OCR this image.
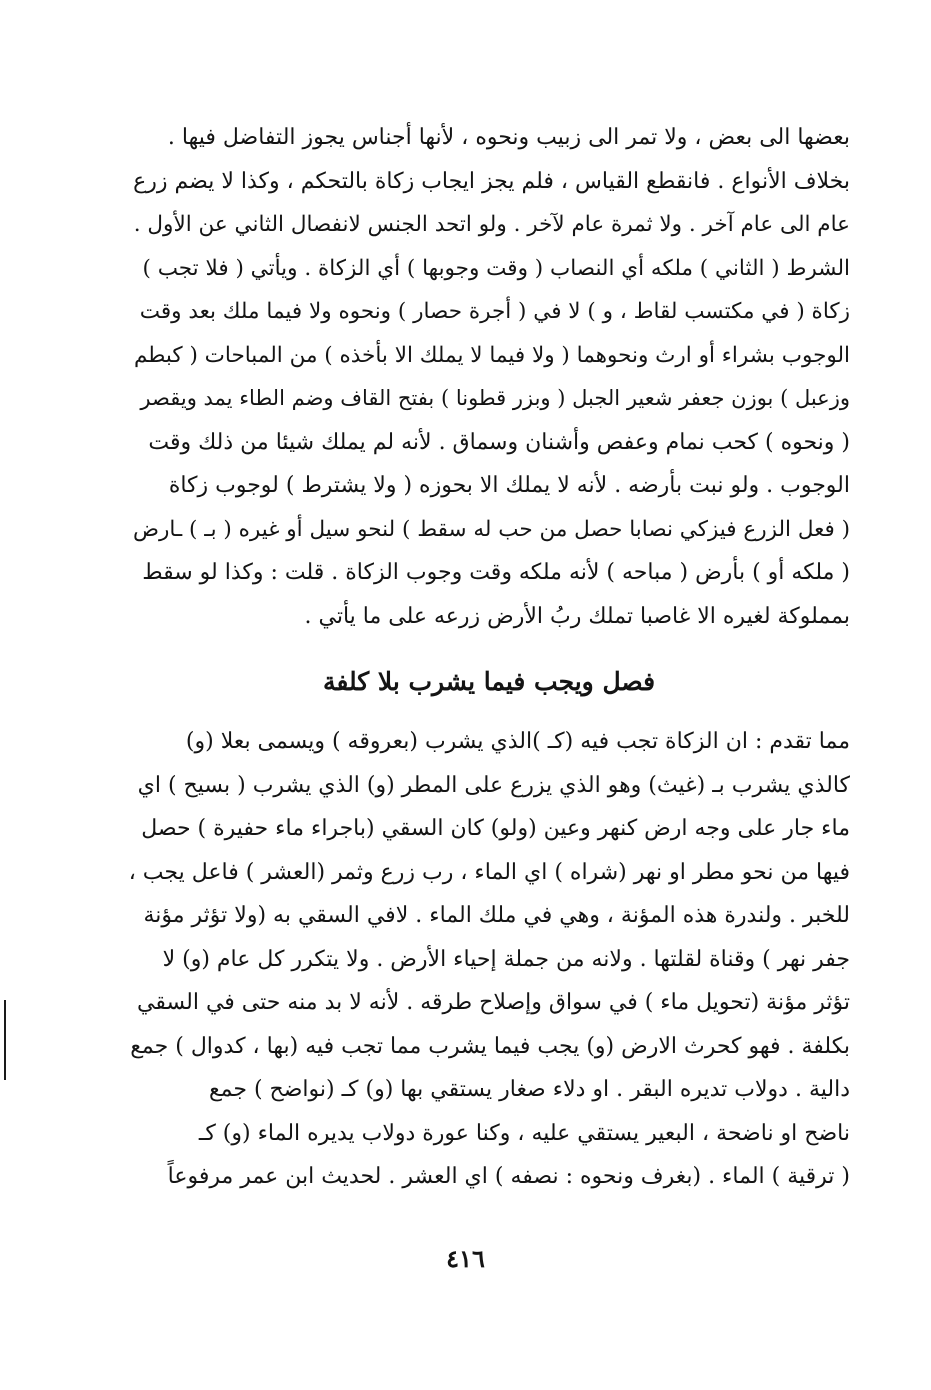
بعضها الى بعض ، ولا تمر الى زبيب ونحوه ، لأنها أجناس يجوز التفاضل فيها .
بخلاف الأنواع . فانقطع القياس ، فلم يجز ايجاب زكاة بالتحكم ، وكذا لا يضم زرع
عام الى عام آخر . ولا ثمرة عام لآخر . ولو اتحد الجنس لانفصال الثاني عن الأول .
الشرط ( الثاني ) ملكه أي النصاب ( وقت وجوبها ) أي الزكاة . ويأتي ( فلا تجب )
زكاة ( في مكتسب لقاط ، و ) لا في ( أجرة حصار ) ونحوه ولا فيما ملك بعد وقت
الوجوب بشراء أو ارث ونحوهما ( ولا فيما لا يملك الا بأخذه ) من المباحات ( كبطم
وزعبل ) بوزن جعفر شعير الجبل ( وبزر قطونا ) بفتح القاف وضم الطاء يمد ويقصر
( ونحوه ) كحب نمام وعفص وأشنان وسماق . لأنه لم يملك شيئا من ذلك وقت
الوجوب . ولو نبت بأرضه . لأنه لا يملك الا بحوزه ( ولا يشترط ) لوجوب زكاة
( فعل الزرع فيزكي نصابا حصل من حب له سقط ) لنحو سيل أو غيره ( بـ ) ـارض
( ملكه أو ) بأرض ( مباحه ) لأنه ملكه وقت وجوب الزكاة . قلت : وكذا لو سقط
بمملوكة لغيره الا غاصبا تملك ربُ الأرض زرعه على ما يأتي .
فصل ويجب فيما يشرب بلا كلفة
مما تقدم : ان الزكاة تجب فيه (كـ )الذي يشرب (بعروقه ) ويسمى بعلا (و)
كالذي يشرب بـ (غيث) وهو الذي يزرع على المطر (و) الذي يشرب ( بسيح ) اي
ماء جار على وجه ارض كنهر وعين (ولو) كان السقي (باجراء ماء حفيرة ) حصل
فيها من نحو مطر او نهر (شراه ) اي الماء ، رب زرع وثمر (العشر ) فاعل يجب ،
للخبر . ولندرة هذه المؤنة ، وهي في ملك الماء . لافي السقي به (ولا تؤثر مؤنة
جفر نهر ) وقناة لقلتها . ولانه من جملة إحياء الأرض . ولا يتكرر كل عام (و) لا
تؤثر مؤنة (تحويل ماء ) في سواق وإصلاح طرقه . لأنه لا بد منه حتى في السقي
بكلفة . فهو كحرث الارض (و) يجب فيما يشرب مما تجب فيه (بها ، كدوال ) جمع
دالية . دولاب تديره البقر . او دلاء صغار يستقي بها (و) كـ (نواضح ) جمع
ناضح او ناضحة ، البعير يستقي عليه ، وكنا عورة دولاب يديره الماء (و) كـ
( ترقية ) الماء . (بغرف ونحوه : نصفه ) اي العشر . لحديث ابن عمر مرفوعاً
٤١٦
